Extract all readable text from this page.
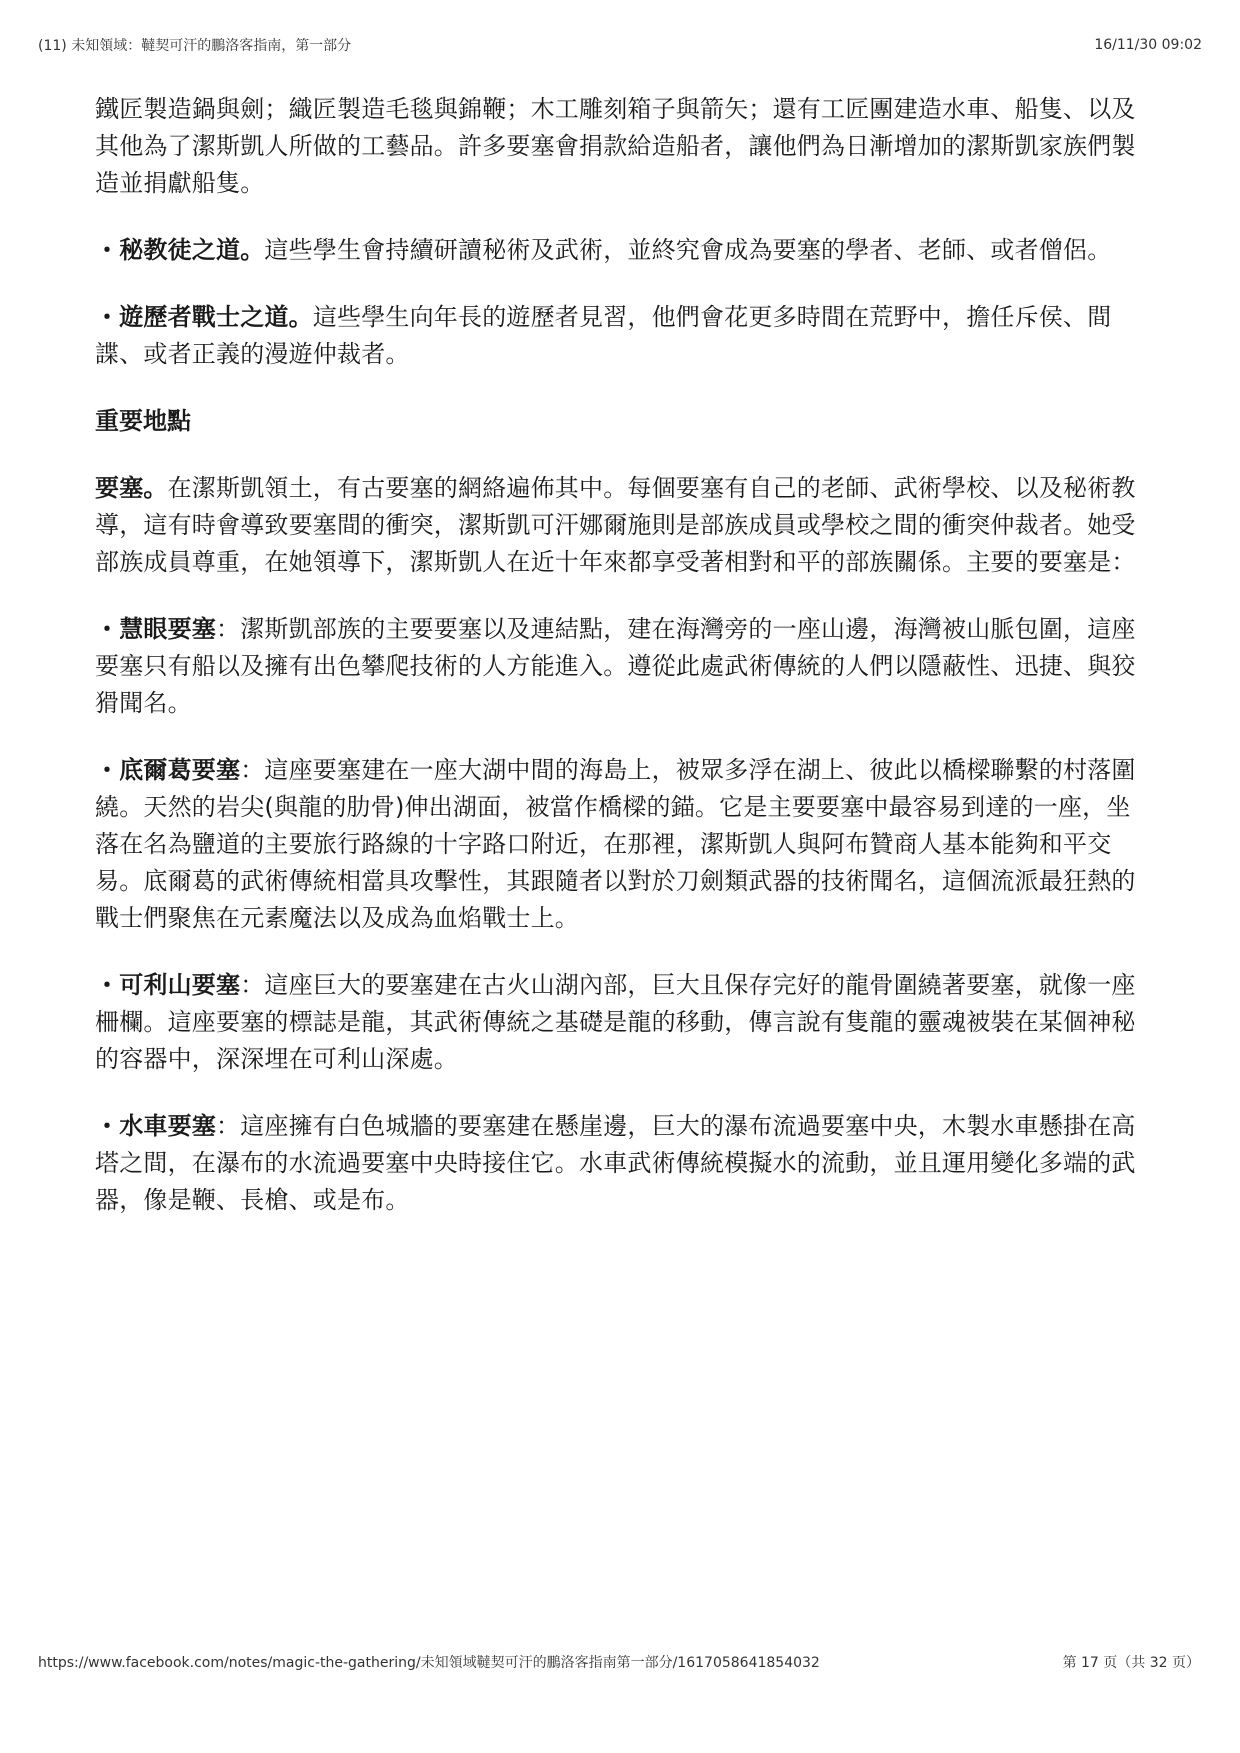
(11) 未知領域：韃契可汗的鵬洛客指南，第一部分	16/11/30 09:02

鐵匠製造鍋與劍；織匠製造毛毯與錦鞭；木工雕刻箱子與箭矢；還有工匠團建造水車、船隻、以及其他為了潔斯凱人所做的工藝品。許多要塞會捐款給造船者，讓他們為日漸增加的潔斯凱家族們製造並捐獻船隻。

・秘教徒之道。這些學生會持續研讀秘術及武術，並終究會成為要塞的學者、老師、或者僧侶。

・遊歷者戰士之道。這些學生向年長的遊歷者見習，他們會花更多時間在荒野中，擔任斥侯、間諜、或者正義的漫遊仲裁者。

重要地點

要塞。在潔斯凱領土，有古要塞的網絡遍佈其中。每個要塞有自己的老師、武術學校、以及秘術教導，這有時會導致要塞間的衝突，潔斯凱可汗娜爾施則是部族成員或學校之間的衝突仲裁者。她受部族成員尊重，在她領導下，潔斯凱人在近十年來都享受著相對和平的部族關係。主要的要塞是：

・慧眼要塞：潔斯凱部族的主要要塞以及連結點，建在海灣旁的一座山邊，海灣被山脈包圍，這座要塞只有船以及擁有出色攀爬技術的人方能進入。遵從此處武術傳統的人們以隱蔽性、迅捷、與狡猾聞名。

・底爾葛要塞：這座要塞建在一座大湖中間的海島上，被眾多浮在湖上、彼此以橋樑聯繫的村落圍繞。天然的岩尖(與龍的肋骨)伸出湖面，被當作橋樑的錨。它是主要要塞中最容易到達的一座，坐落在名為鹽道的主要旅行路線的十字路口附近，在那裡，潔斯凱人與阿布贊商人基本能夠和平交易。底爾葛的武術傳統相當具攻擊性，其跟隨者以對於刀劍類武器的技術聞名，這個流派最狂熱的戰士們聚焦在元素魔法以及成為血焰戰士上。

・可利山要塞：這座巨大的要塞建在古火山湖內部，巨大且保存完好的龍骨圍繞著要塞，就像一座柵欄。這座要塞的標誌是龍，其武術傳統之基礎是龍的移動，傳言說有隻龍的靈魂被裝在某個神秘的容器中，深深埋在可利山深處。

・水車要塞：這座擁有白色城牆的要塞建在懸崖邊，巨大的瀑布流過要塞中央，木製水車懸掛在高塔之間，在瀑布的水流過要塞中央時接住它。水車武術傳統模擬水的流動，並且運用變化多端的武器，像是鞭、長槍、或是布。

https://www.facebook.com/notes/magic-the-gathering/未知領域韃契可汗的鵬洛客指南第一部分/1617058641854032	第 17 页（共 32 页）
